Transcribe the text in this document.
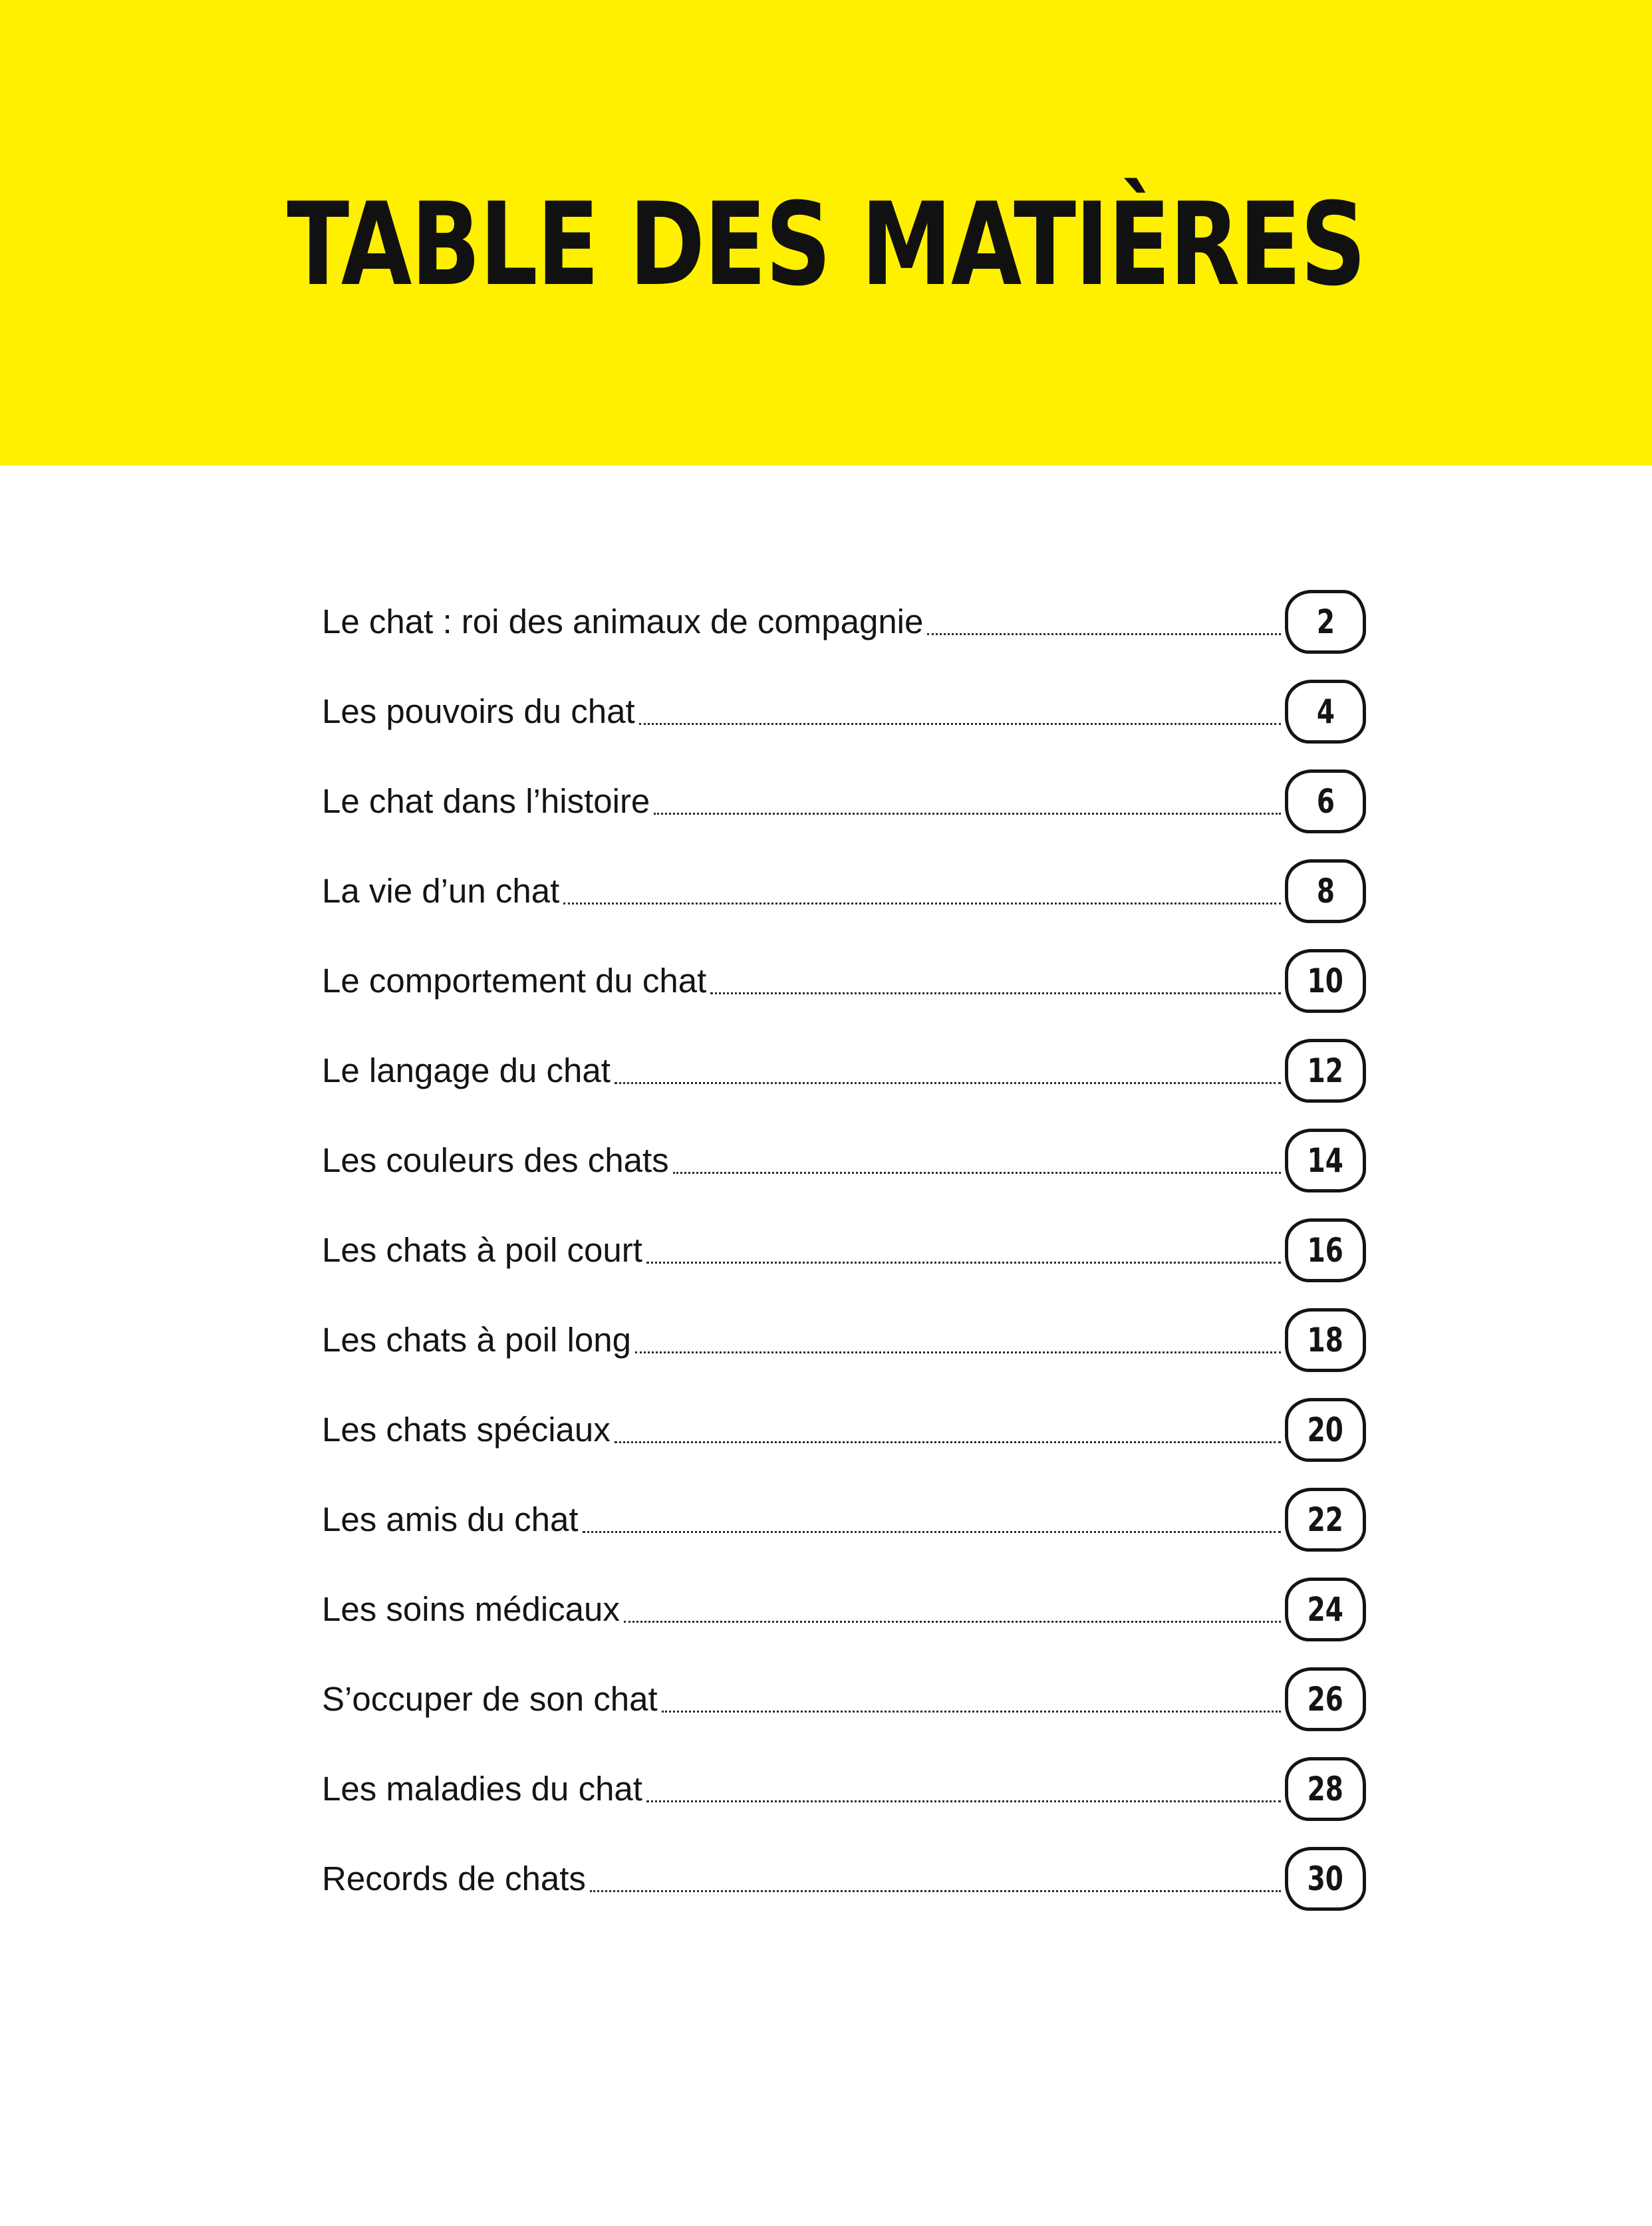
TABLE DES MATIÈRES
Le chat : roi des animaux de compagnie	2
Les pouvoirs du chat	4
Le chat dans l’histoire	6
La vie d’un chat	8
Le comportement du chat	10
Le langage du chat	12
Les couleurs des chats	14
Les chats à poil court	16
Les chats à poil long	18
Les chats spéciaux	20
Les amis du chat	22
Les soins médicaux	24
S’occuper de son chat	26
Les maladies du chat	28
Records de chats	30
